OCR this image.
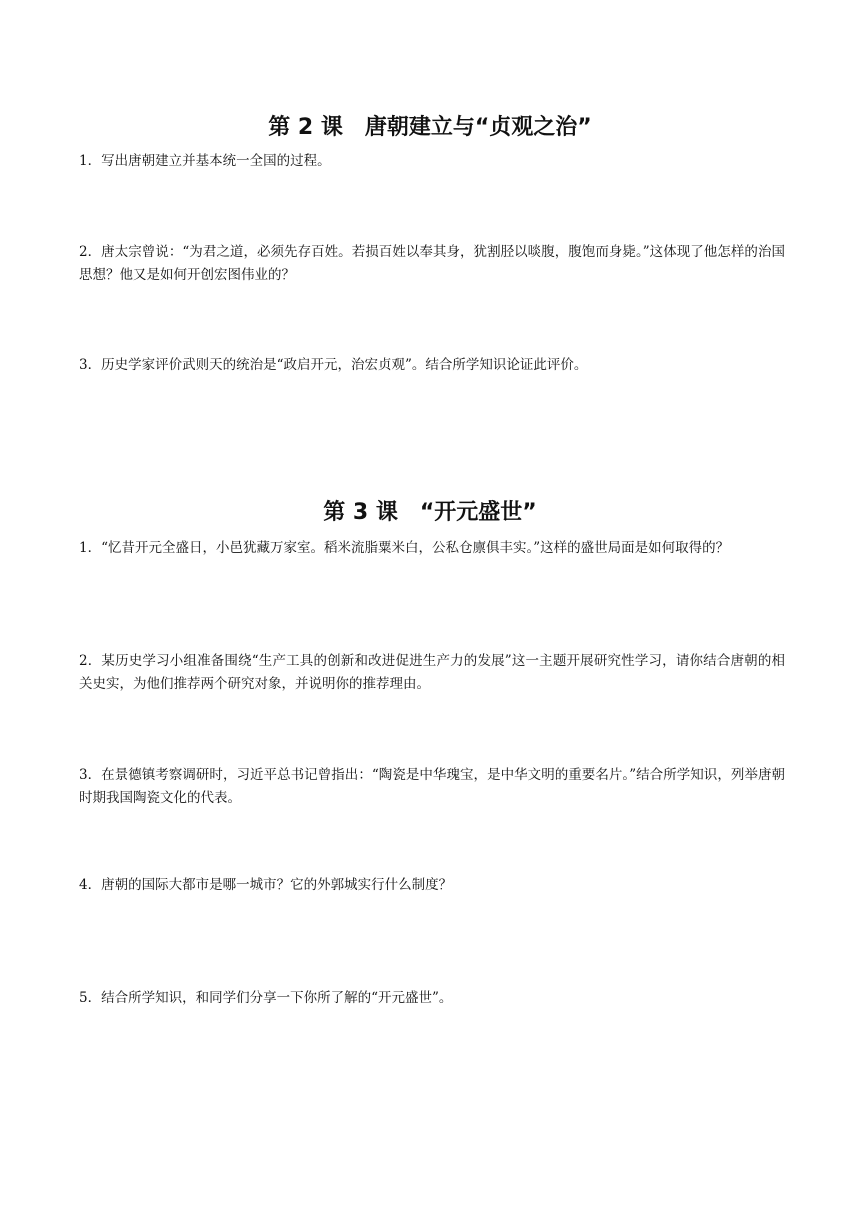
第 2 课　唐朝建立与“贞观之治”

1．写出唐朝建立并基本统一全国的过程。

2．唐太宗曾说：“为君之道，必须先存百姓。若损百姓以奉其身，犹割胫以啖腹，腹饱而身毙。”这体现了他怎样的治国思想？他又是如何开创宏图伟业的？

3．历史学家评价武则天的统治是“政启开元，治宏贞观”。结合所学知识论证此评价。

第 3 课　“开元盛世”

1．“忆昔开元全盛日，小邑犹藏万家室。稻米流脂粟米白，公私仓廪俱丰实。”这样的盛世局面是如何取得的？

2．某历史学习小组准备围绕“生产工具的创新和改进促进生产力的发展”这一主题开展研究性学习，请你结合唐朝的相关史实，为他们推荐两个研究对象，并说明你的推荐理由。

3．在景德镇考察调研时，习近平总书记曾指出：“陶瓷是中华瑰宝，是中华文明的重要名片。”结合所学知识，列举唐朝时期我国陶瓷文化的代表。

4．唐朝的国际大都市是哪一城市？它的外郭城实行什么制度？

5．结合所学知识，和同学们分享一下你所了解的“开元盛世”。
